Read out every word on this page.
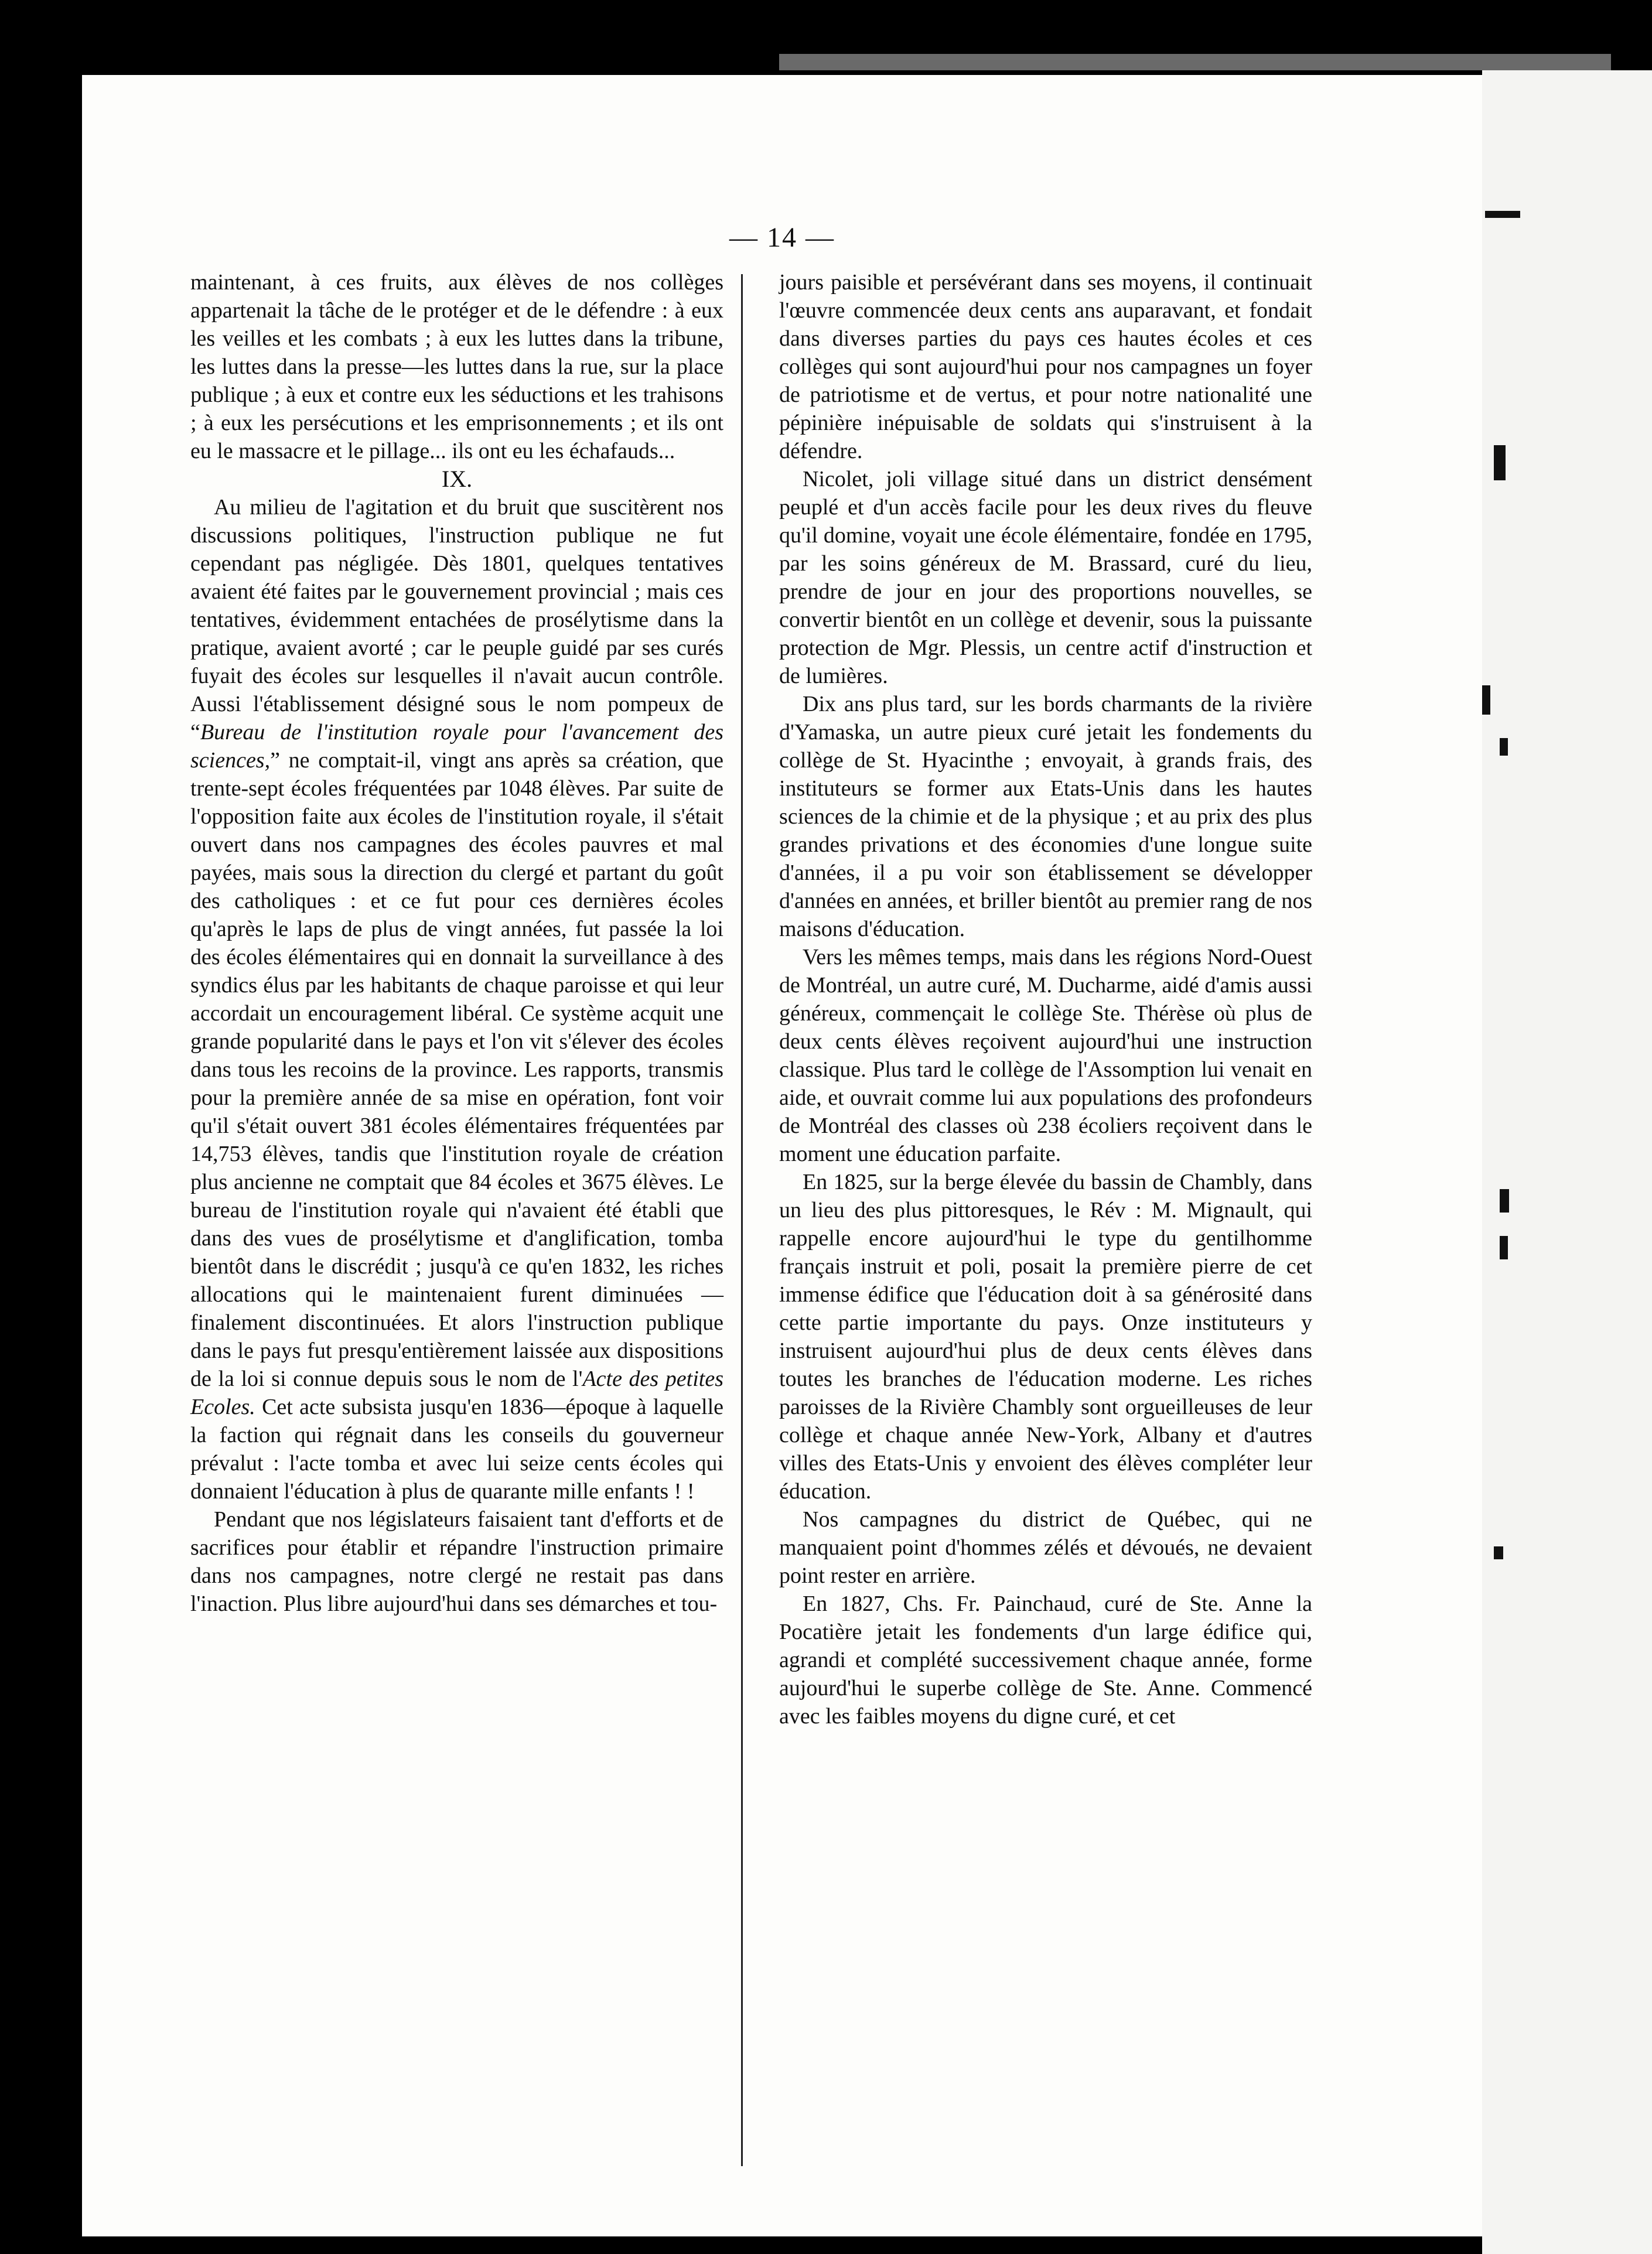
— 14 —

maintenant, à ces fruits, aux élèves de nos collèges appartenait la tâche de le protéger et de le défendre : à eux les veilles et les combats ; à eux les luttes dans la tribune, les luttes dans la presse—les luttes dans la rue, sur la place publique ; à eux et contre eux les séductions et les trahisons ; à eux les persécutions et les emprisonnements ; et ils ont eu le massacre et le pillage... ils ont eu les échafauds...

IX.

Au milieu de l'agitation et du bruit que suscitèrent nos discussions politiques, l'instruction publique ne fut cependant pas négligée. Dès 1801, quelques tentatives avaient été faites par le gouvernement provincial ; mais ces tentatives, évidemment entachées de prosélytisme dans la pratique, avaient avorté ; car le peuple guidé par ses curés fuyait des écoles sur lesquelles il n'avait aucun contrôle. Aussi l'établissement désigné sous le nom pompeux de “Bureau de l'institution royale pour l'avancement des sciences,” ne comptait-il, vingt ans après sa création, que trente-sept écoles fréquentées par 1048 élèves. Par suite de l'opposition faite aux écoles de l'institution royale, il s'était ouvert dans nos campagnes des écoles pauvres et mal payées, mais sous la direction du clergé et partant du goût des catholiques : et ce fut pour ces dernières écoles qu'après le laps de plus de vingt années, fut passée la loi des écoles élémentaires qui en donnait la surveillance à des syndics élus par les habitants de chaque paroisse et qui leur accordait un encouragement libéral. Ce système acquit une grande popularité dans le pays et l'on vit s'élever des écoles dans tous les recoins de la province. Les rapports, transmis pour la première année de sa mise en opération, font voir qu'il s'était ouvert 381 écoles élémentaires fréquentées par 14,753 élèves, tandis que l'institution royale de création plus ancienne ne comptait que 84 écoles et 3675 élèves. Le bureau de l'institution royale qui n'avaient été établi que dans des vues de prosélytisme et d'anglification, tomba bientôt dans le discrédit ; jusqu'à ce qu'en 1832, les riches allocations qui le maintenaient furent diminuées — finalement discontinuées. Et alors l'instruction publique dans le pays fut presqu'entièrement laissée aux dispositions de la loi si connue depuis sous le nom de l'Acte des petites Ecoles. Cet acte subsista jusqu'en 1836—époque à laquelle la faction qui régnait dans les conseils du gouverneur prévalut : l'acte tomba et avec lui seize cents écoles qui donnaient l'éducation à plus de quarante mille enfants ! !

Pendant que nos législateurs faisaient tant d'efforts et de sacrifices pour établir et répandre l'instruction primaire dans nos campagnes, notre clergé ne restait pas dans l'inaction. Plus libre aujourd'hui dans ses démarches et tou-

jours paisible et persévérant dans ses moyens, il continuait l'œuvre commencée deux cents ans auparavant, et fondait dans diverses parties du pays ces hautes écoles et ces collèges qui sont aujourd'hui pour nos campagnes un foyer de patriotisme et de vertus, et pour notre nationalité une pépinière inépuisable de soldats qui s'instruisent à la défendre.

Nicolet, joli village situé dans un district densément peuplé et d'un accès facile pour les deux rives du fleuve qu'il domine, voyait une école élémentaire, fondée en 1795, par les soins généreux de M. Brassard, curé du lieu, prendre de jour en jour des proportions nouvelles, se convertir bientôt en un collège et devenir, sous la puissante protection de Mgr. Plessis, un centre actif d'instruction et de lumières.

Dix ans plus tard, sur les bords charmants de la rivière d'Yamaska, un autre pieux curé jetait les fondements du collège de St. Hyacinthe ; envoyait, à grands frais, des instituteurs se former aux Etats-Unis dans les hautes sciences de la chimie et de la physique ; et au prix des plus grandes privations et des économies d'une longue suite d'années, il a pu voir son établissement se développer d'années en années, et briller bientôt au premier rang de nos maisons d'éducation.

Vers les mêmes temps, mais dans les régions Nord-Ouest de Montréal, un autre curé, M. Ducharme, aidé d'amis aussi généreux, commençait le collège Ste. Thérèse où plus de deux cents élèves reçoivent aujourd'hui une instruction classique. Plus tard le collège de l'Assomption lui venait en aide, et ouvrait comme lui aux populations des profondeurs de Montréal des classes où 238 écoliers reçoivent dans le moment une éducation parfaite.

En 1825, sur la berge élevée du bassin de Chambly, dans un lieu des plus pittoresques, le Rév : M. Mignault, qui rappelle encore aujourd'hui le type du gentilhomme français instruit et poli, posait la première pierre de cet immense édifice que l'éducation doit à sa générosité dans cette partie importante du pays. Onze instituteurs y instruisent aujourd'hui plus de deux cents élèves dans toutes les branches de l'éducation moderne. Les riches paroisses de la Rivière Chambly sont orgueilleuses de leur collège et chaque année New-York, Albany et d'autres villes des Etats-Unis y envoient des élèves compléter leur éducation.

Nos campagnes du district de Québec, qui ne manquaient point d'hommes zélés et dévoués, ne devaient point rester en arrière.

En 1827, Chs. Fr. Painchaud, curé de Ste. Anne la Pocatière jetait les fondements d'un large édifice qui, agrandi et complété successivement chaque année, forme aujourd'hui le superbe collège de Ste. Anne. Commencé avec les faibles moyens du digne curé, et cet
